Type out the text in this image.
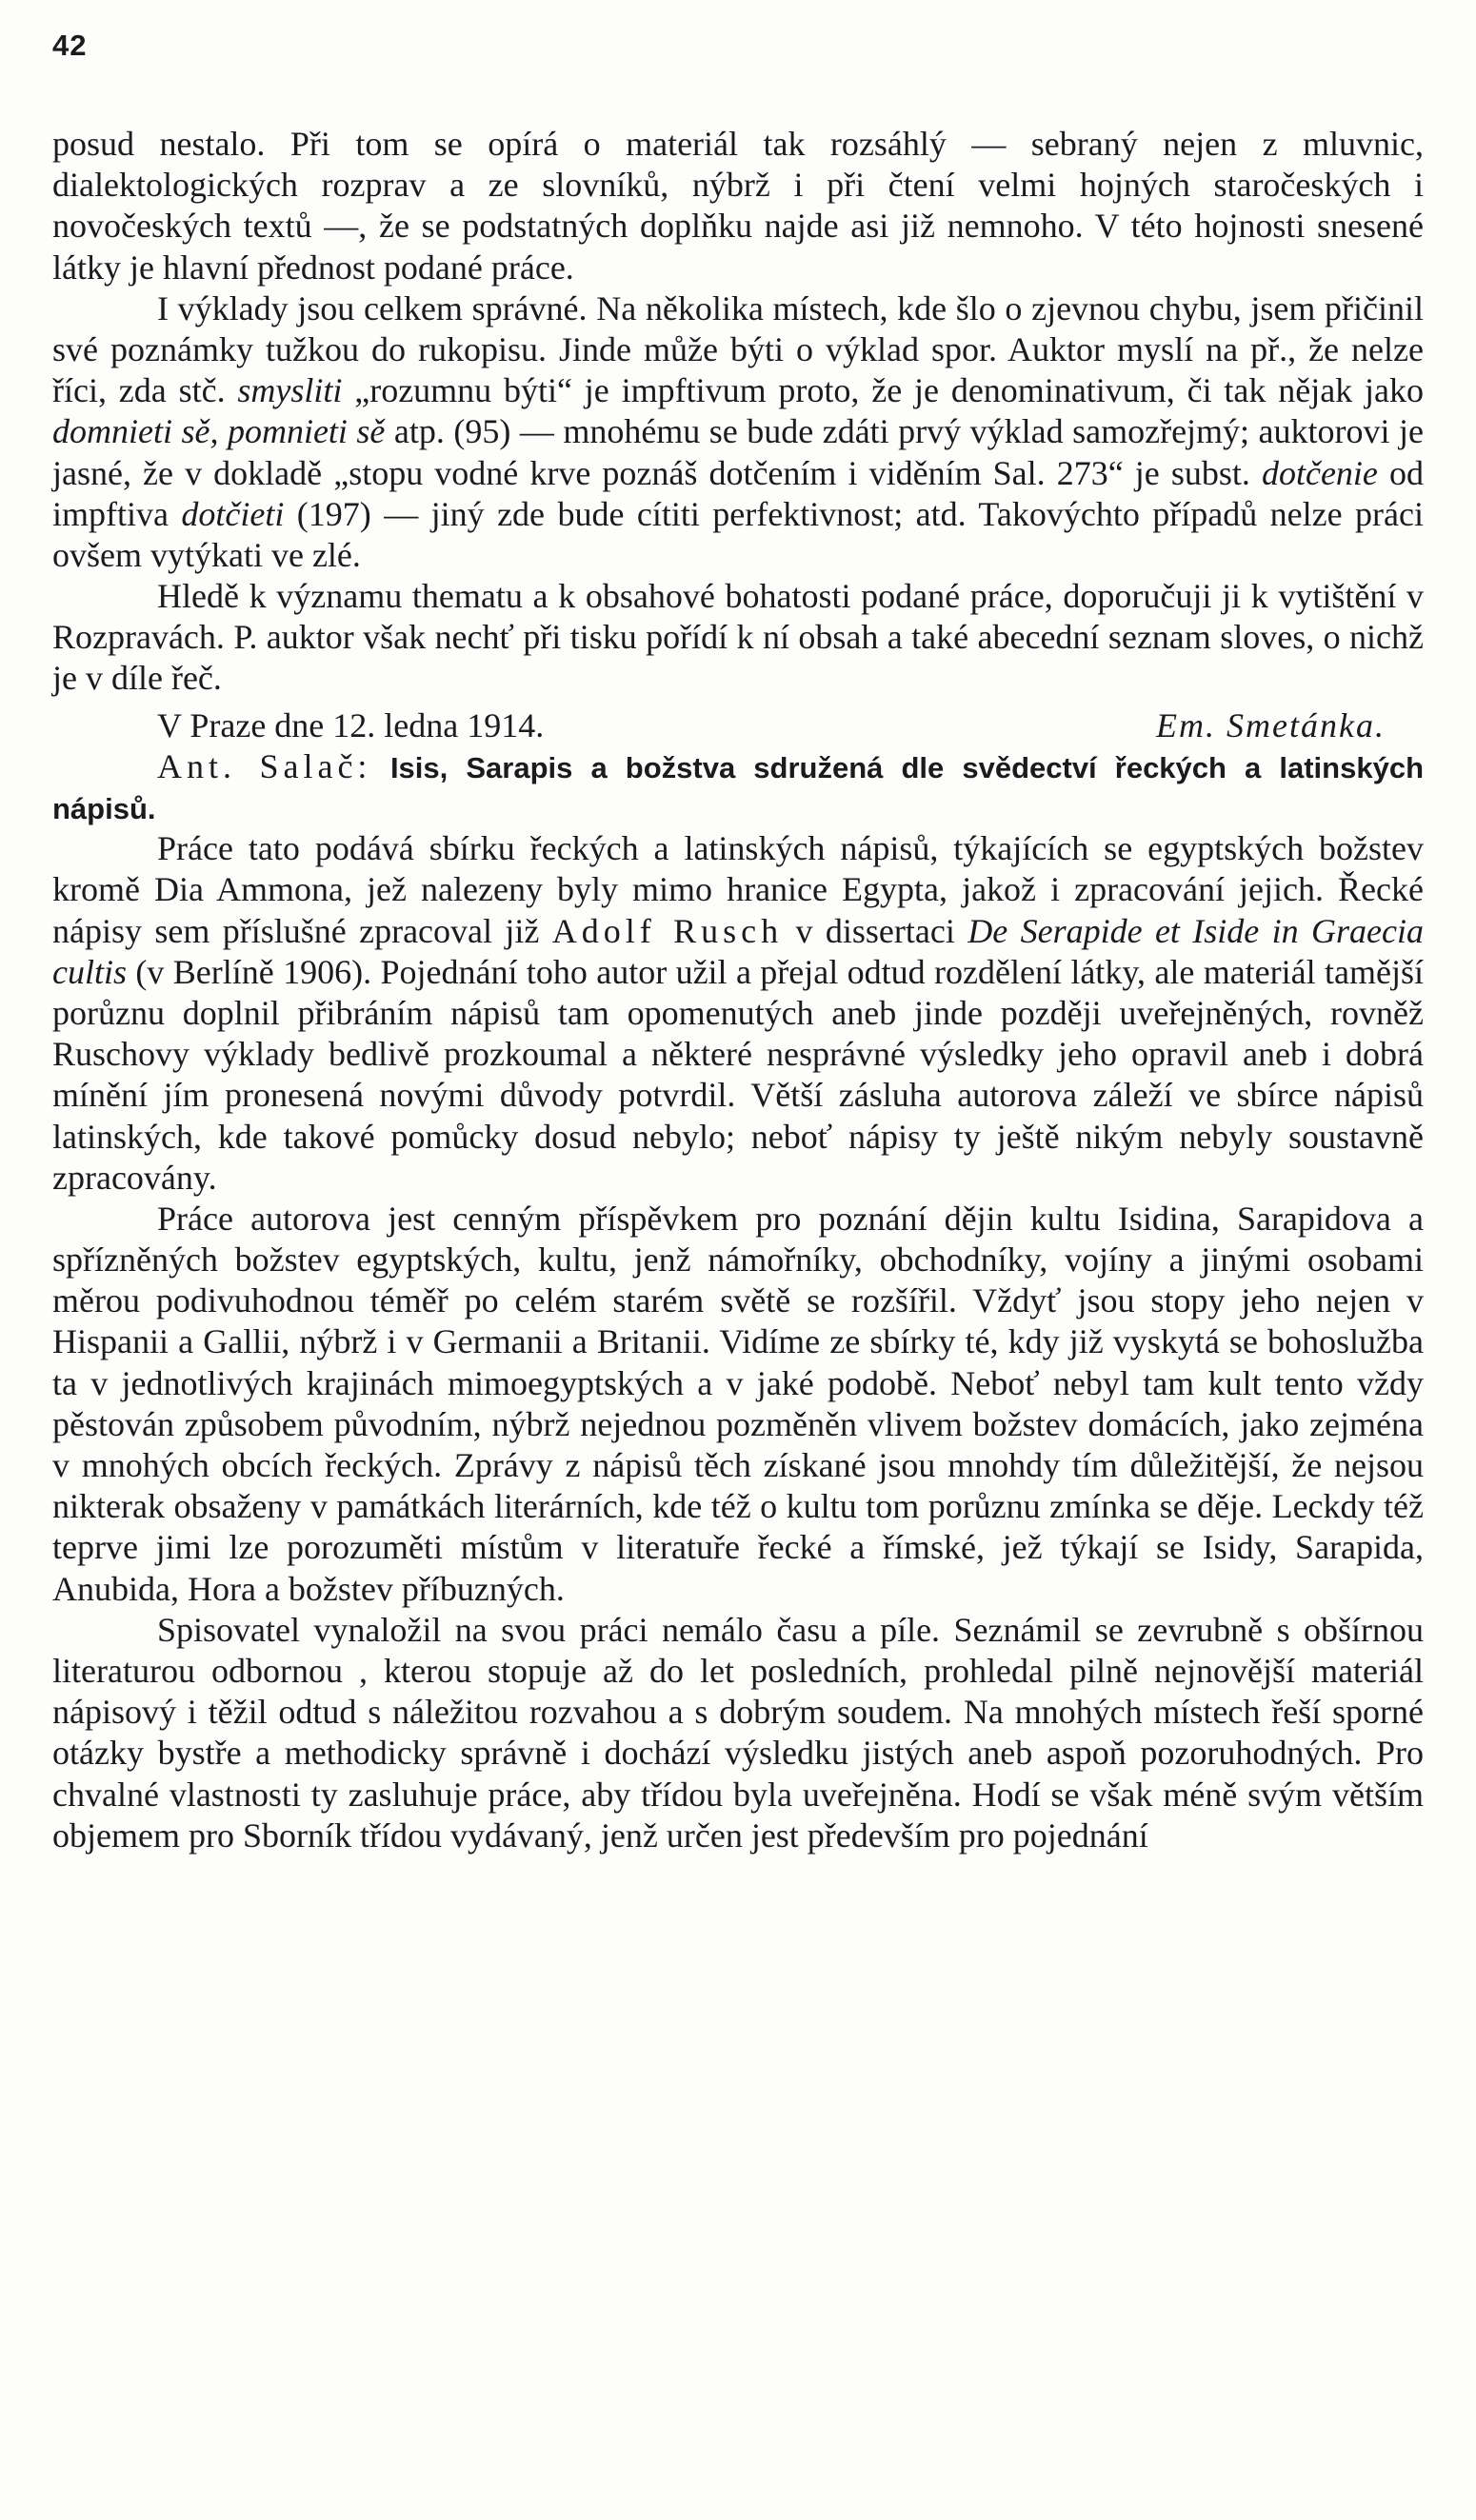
42

posud nestalo. Při tom se opírá o materiál tak rozsáhlý — sebraný nejen z mluvnic, dialektologických rozprav a ze slovníků, nýbrž i při čtení velmi hojných staročeských i novočeských textů —, že se podstatných doplňku najde asi již nemnoho. V této hojnosti snesené látky je hlavní přednost podané práce.

I výklady jsou celkem správné. Na několika místech, kde šlo o zjevnou chybu, jsem přičinil své poznámky tužkou do rukopisu. Jinde může býti o výklad spor. Auktor myslí na př., že nelze říci, zda stč. smysliti „rozumnu býti“ je impftivum proto, že je denominativum, či tak nějak jako domnieti sě, pomnieti sě atp. (95) — mnohému se bude zdáti prvý výklad samozřejmý; auktorovi je jasné, že v dokladě „stopu vodné krve poznáš dotčením i viděním Sal. 273“ je subst. dotčenie od impftiva dotčieti (197) — jiný zde bude cítiti perfektivnost; atd. Takovýchto případů nelze práci ovšem vytýkati ve zlé.

Hledě k významu thematu a k obsahové bohatosti podané práce, doporučuji ji k vytištění v Rozpravách. P. auktor však nechť při tisku pořídí k ní obsah a také abecední seznam sloves, o nichž je v díle řeč.

V Praze dne 12. ledna 1914.	Em. Smetánka.

Ant. Salač: Isis, Sarapis a božstva sdružená dle svědectví řeckých a latinských nápisů.

Práce tato podává sbírku řeckých a latinských nápisů, týkajících se egyptských božstev kromě Dia Ammona, jež nalezeny byly mimo hranice Egypta, jakož i zpracování jejich. Řecké nápisy sem příslušné zpracoval již Adolf Rusch v dissertaci De Serapide et Iside in Graecia cultis (v Berlíně 1906). Pojednání toho autor užil a přejal odtud rozdělení látky, ale materiál tamější porůznu doplnil přibráním nápisů tam opomenutých aneb jinde později uveřejněných, rovněž Ruschovy výklady bedlivě prozkoumal a některé nesprávné výsledky jeho opravil aneb i dobrá mínění jím pronesená novými důvody potvrdil. Větší zásluha autorova záleží ve sbírce nápisů latinských, kde takové pomůcky dosud nebylo; neboť nápisy ty ještě nikým nebyly soustavně zpracovány.

Práce autorova jest cenným příspěvkem pro poznání dějin kultu Isidina, Sarapidova a spřízněných božstev egyptských, kultu, jenž námořníky, obchodníky, vojíny a jinými osobami měrou podivuhodnou téměř po celém starém světě se rozšířil. Vždyť jsou stopy jeho nejen v Hispanii a Gallii, nýbrž i v Germanii a Britanii. Vidíme ze sbírky té, kdy již vyskytá se bohoslužba ta v jednotlivých krajinách mimoegyptských a v jaké podobě. Neboť nebyl tam kult tento vždy pěstován způsobem původním, nýbrž nejednou pozměněn vlivem božstev domácích, jako zejména v mnohých obcích řeckých. Zprávy z nápisů těch získané jsou mnohdy tím důležitější, že nejsou nikterak obsaženy v památkách literárních, kde též o kultu tom porůznu zmínka se děje. Leckdy též teprve jimi lze porozuměti místům v literatuře řecké a římské, jež týkají se Isidy, Sarapida, Anubida, Hora a božstev příbuzných.

Spisovatel vynaložil na svou práci nemálo času a píle. Seznámil se zevrubně s obšírnou literaturou odbornou , kterou stopuje až do let posledních, prohledal pilně nejnovější materiál nápisový i těžil odtud s náležitou rozvahou a s dobrým soudem. Na mnohých místech řeší sporné otázky bystře a methodicky správně i dochází výsledku jistých aneb aspoň pozoruhodných. Pro chvalné vlastnosti ty zasluhuje práce, aby třídou byla uveřejněna. Hodí se však méně svým větším objemem pro Sborník třídou vydávaný, jenž určen jest především pro pojednání
